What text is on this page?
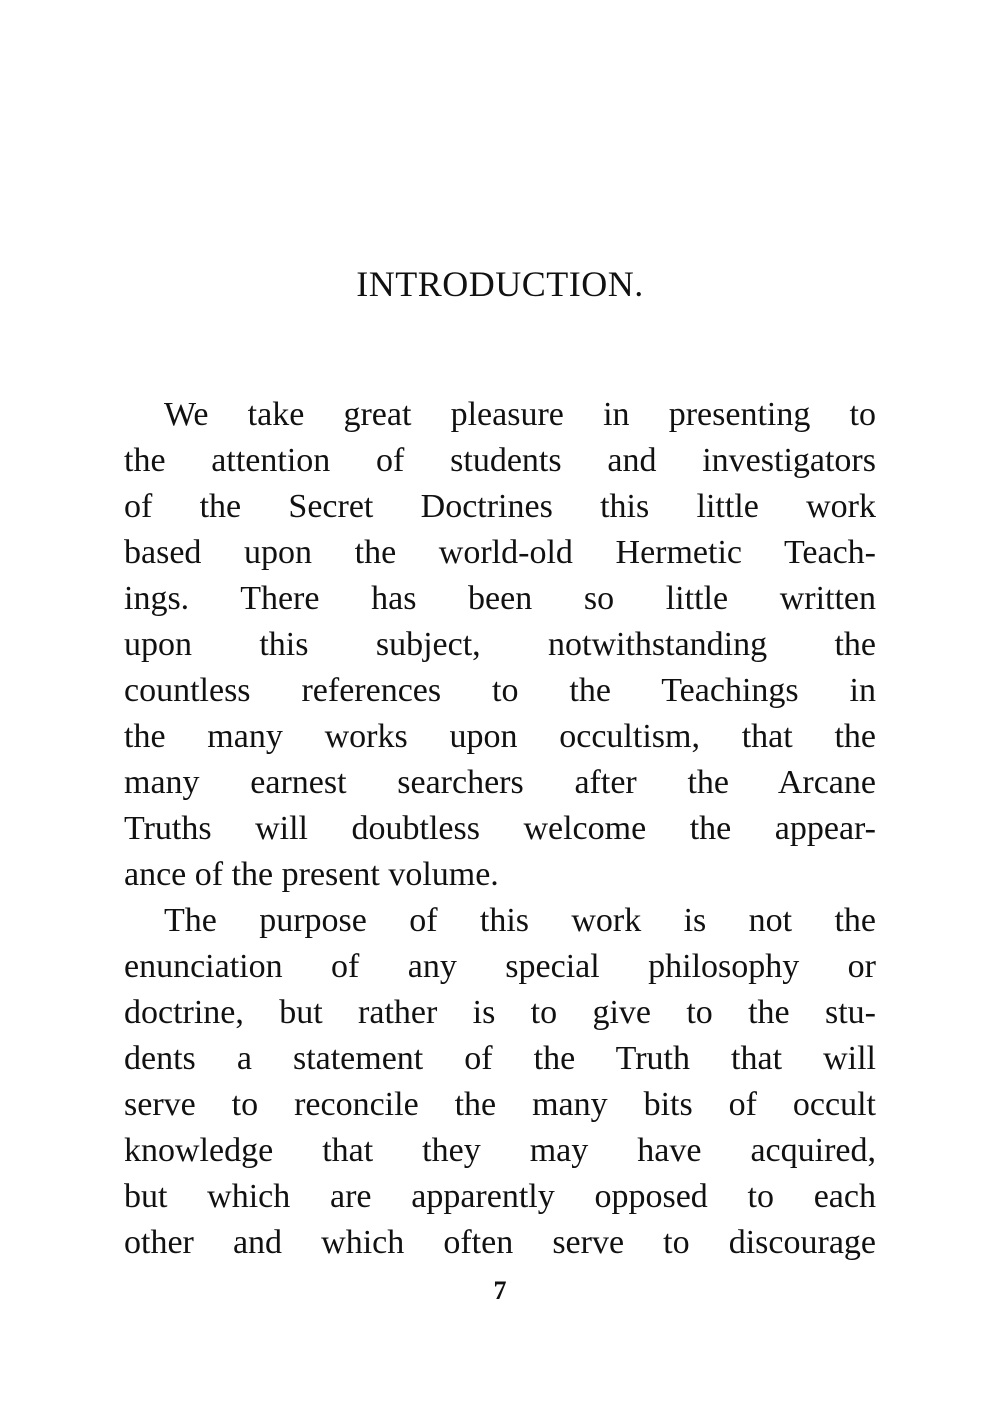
INTRODUCTION.
We take great pleasure in presenting to
the attention of students and investigators
of the Secret Doctrines this little work
based upon the world-old Hermetic Teach-
ings. There has been so little written
upon this subject, notwithstanding the
countless references to the Teachings in
the many works upon occultism, that the
many earnest searchers after the Arcane
Truths will doubtless welcome the appear-
ance of the present volume.
The purpose of this work is not the
enunciation of any special philosophy or
doctrine, but rather is to give to the stu-
dents a statement of the Truth that will
serve to reconcile the many bits of occult
knowledge that they may have acquired,
but which are apparently opposed to each
other and which often serve to discourage
7
